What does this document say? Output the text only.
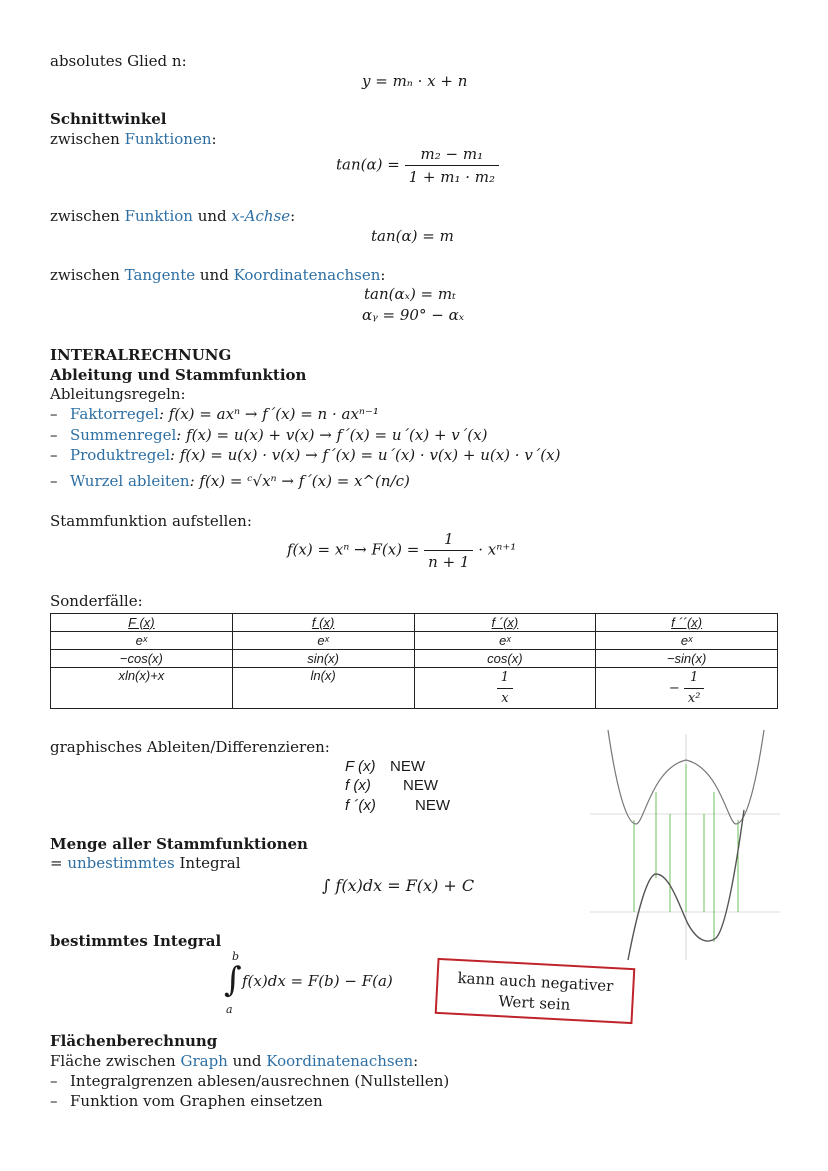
absolutes Glied n:
y = mₙ · x + n
Schnittwinkel
zwischen Funktionen:
$\tan(\alpha) = \frac{\text{m₂ − m₁}}{\text{1 + m₁ · m₂}}$
zwischen Funktion und x-Achse:
tan(α) = m
zwischen Tangente und Koordinatenachsen:
tan(αₓ) = mₜ
αᵧ = 90° − αₓ
INTERALRECHNUNG
Ableitung und Stammfunktion
Ableitungsregeln:
– Faktorregel: f(x) = axⁿ → f´(x) = n · axⁿ⁻¹
– Summenregel: f(x) = u(x) + v(x) → f´(x) = u´(x) + v´(x)
– Produktregel: f(x) = u(x) · v(x) → f´(x) = u´(x) · v(x) + u(x) · v´(x)
– Wurzel ableiten: f(x) = ᶜ√xⁿ → f´(x) = x^(n/c)
Stammfunktion aufstellen:
$f(x) = x^n \to F(x) = \frac{1}{n + 1} \cdot x^{n+1}$
Sonderfälle:
F (x)	f (x)	f ´(x)	f ´´(x)
eˣ	eˣ	eˣ	eˣ
−cos(x)	sin(x)	cos(x)	−sin(x)
xln(x)+x	ln(x)	$\frac{1}{x}$	− $\frac{1}{\text{x²}}$
graphisches Ableiten/Differenzieren:
F (x) NEW
f (x) NEW
f ´(x)	NEW
Menge aller Stammfunktionen
= unbestimmtes Integral
∫ f(x)dx = F(x) + C
bestimmtes Integral
b
∫
a
f(x)dx = F(b) − F(a)	kann auch negativer
Wert sein
Flächenberechnung
Fläche zwischen Graph und Koordinatenachsen:
– Integralgrenzen ablesen/ausrechnen (Nullstellen)
– Funktion vom Graphen einsetzen
